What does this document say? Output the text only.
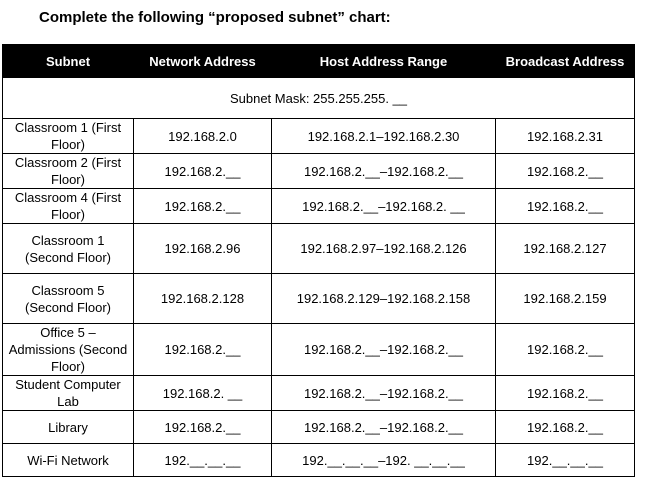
Complete the following “proposed subnet” chart:

Subnet	Network Address	Host Address Range	Broadcast Address
Subnet Mask: 255.255.255. __			
Classroom 1 (First Floor)	192.168.2.0	192.168.2.1–192.168.2.30	192.168.2.31
Classroom 2 (First Floor)	192.168.2.__	192.168.2.__–192.168.2.__	192.168.2.__
Classroom 4 (First Floor)	192.168.2.__	192.168.2.__–192.168.2. __	192.168.2.__
Classroom 1 (Second Floor)	192.168.2.96	192.168.2.97–192.168.2.126	192.168.2.127
Classroom 5 (Second Floor)	192.168.2.128	192.168.2.129–192.168.2.158	192.168.2.159
Office 5 – Admissions (Second Floor)	192.168.2.__	192.168.2.__–192.168.2.__	192.168.2.__
Student Computer Lab	192.168.2. __	192.168.2.__–192.168.2.__	192.168.2.__
Library	192.168.2.__	192.168.2.__–192.168.2.__	192.168.2.__
Wi-Fi Network	192.__.__.__	192.__.__.__–192. __.__.__	192.__.__.__
